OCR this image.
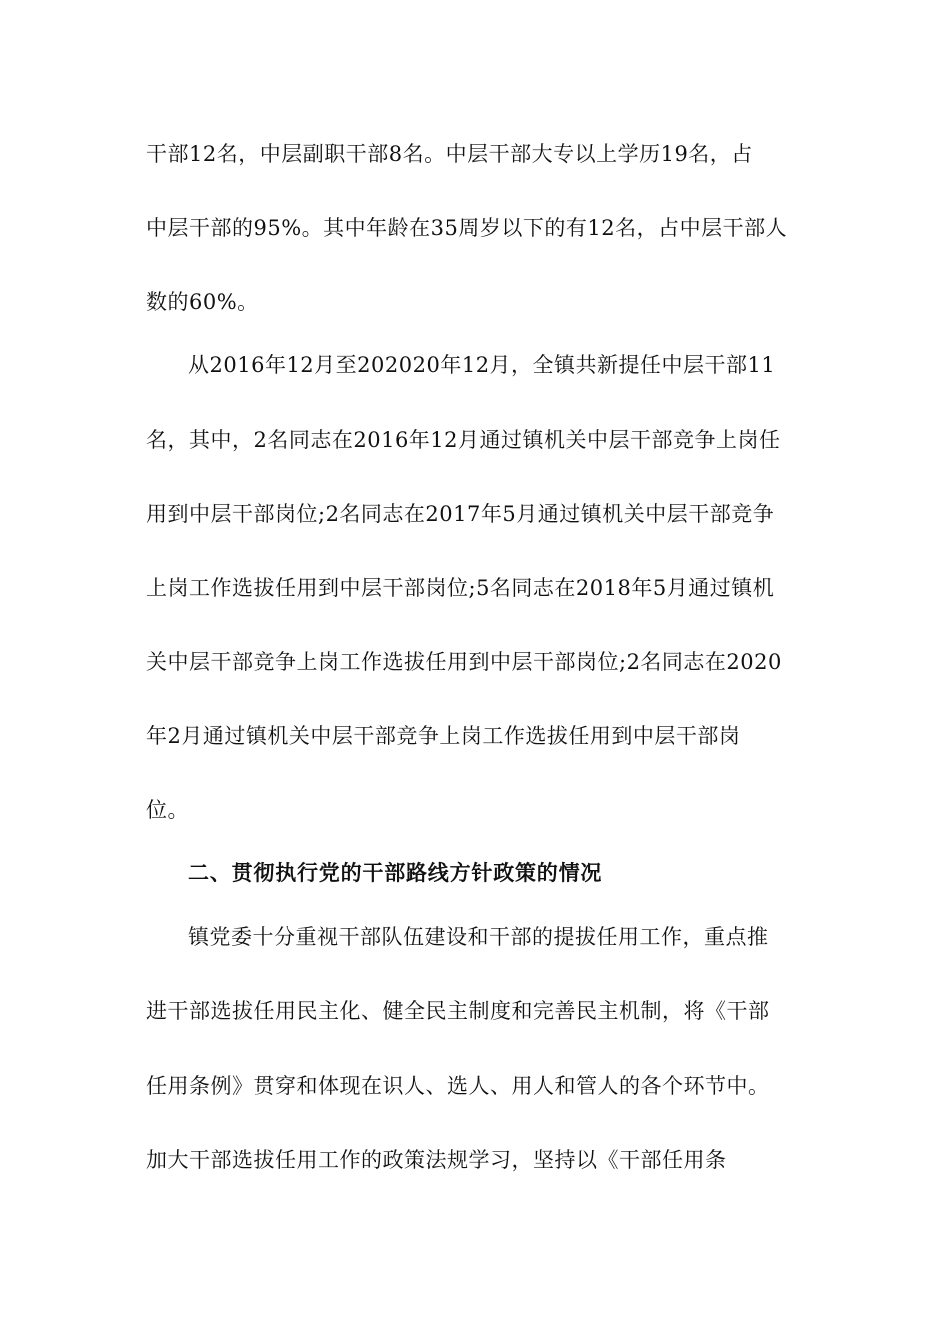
干部12名，中层副职干部8名。中层干部大专以上学历19名，占
中层干部的95%。其中年龄在35周岁以下的有12名，占中层干部人
数的60%。
从2016年12月至202020年12月，全镇共新提任中层干部11
名，其中，2名同志在2016年12月通过镇机关中层干部竞争上岗任
用到中层干部岗位;2名同志在2017年5月通过镇机关中层干部竞争
上岗工作选拔任用到中层干部岗位;5名同志在2018年5月通过镇机
关中层干部竞争上岗工作选拔任用到中层干部岗位;2名同志在2020
年2月通过镇机关中层干部竞争上岗工作选拔任用到中层干部岗
位。
二、贯彻执行党的干部路线方针政策的情况
镇党委十分重视干部队伍建设和干部的提拔任用工作，重点推
进干部选拔任用民主化、健全民主制度和完善民主机制，将《干部
任用条例》贯穿和体现在识人、选人、用人和管人的各个环节中。
加大干部选拔任用工作的政策法规学习，坚持以《干部任用条
